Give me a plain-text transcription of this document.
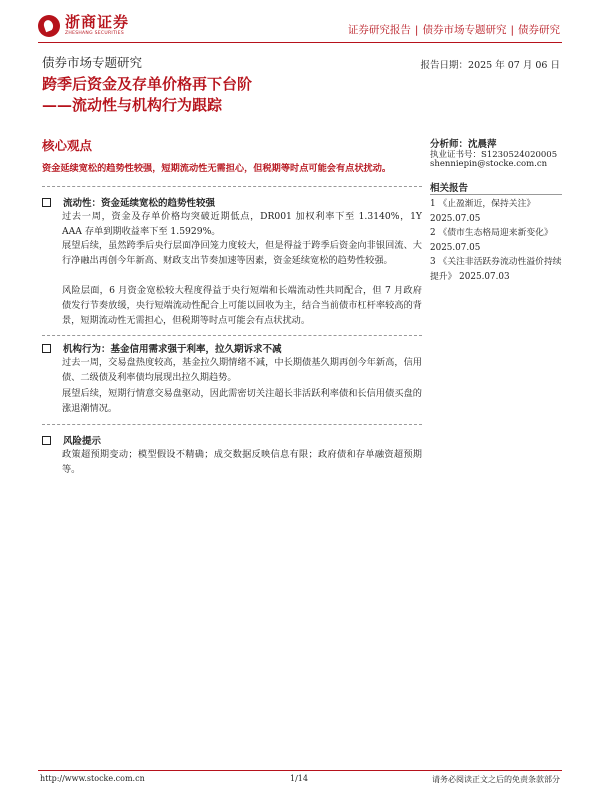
浙商证券
ZHESHANG SECURITIES	证券研究报告 | 债券市场专题研究 | 债券研究
债券市场专题研究	报告日期：2025 年 07 月 06 日
跨季后资金及存单价格再下台阶
——流动性与机构行为跟踪
核心观点
资金延续宽松的趋势性较强，短期流动性无需担心，但税期等时点可能会有点状扰动。
流动性：资金延续宽松的趋势性较强
过去一周，资金及存单价格均突破近期低点，DR001 加权利率下至 1.3140%，1Y AAA 存单到期收益率下至 1.5929%。
展望后续，虽然跨季后央行层面净回笼力度较大，但是得益于跨季后资金向非银回流、大行净融出再创今年新高、财政支出节奏加速等因素，资金延续宽松的趋势性较强。
风险层面，6 月资金宽松较大程度得益于央行短端和长端流动性共同配合，但 7 月政府债发行节奏放缓，央行短端流动性配合上可能以回收为主，结合当前债市杠杆率较高的背景，短期流动性无需担心，但税期等时点可能会有点状扰动。
机构行为：基金信用需求强于利率，拉久期诉求不减
过去一周，交易盘热度较高，基金拉久期情绪不减，中长期债基久期再创今年新高，信用债、二级债及利率债均展现出拉久期趋势。
展望后续，短期行情意交易盘驱动，因此需密切关注超长非活跃利率债和长信用债买盘的涨退潮情况。
风险提示
政策超预期变动；模型假设不精确；成交数据反映信息有限；政府债和存单融资超预期等。
分析师：沈晨萍
执业证书号：S1230524020005
shenniepin@stocke.com.cn
相关报告
1 《止盈渐近，保持关注》 2025.07.05
2 《债市生态格局迎来新变化》 2025.07.05
3 《关注非活跃券流动性溢价持续提升》 2025.07.03
http://www.stocke.com.cn	1/14	请务必阅读正文之后的免责条款部分
